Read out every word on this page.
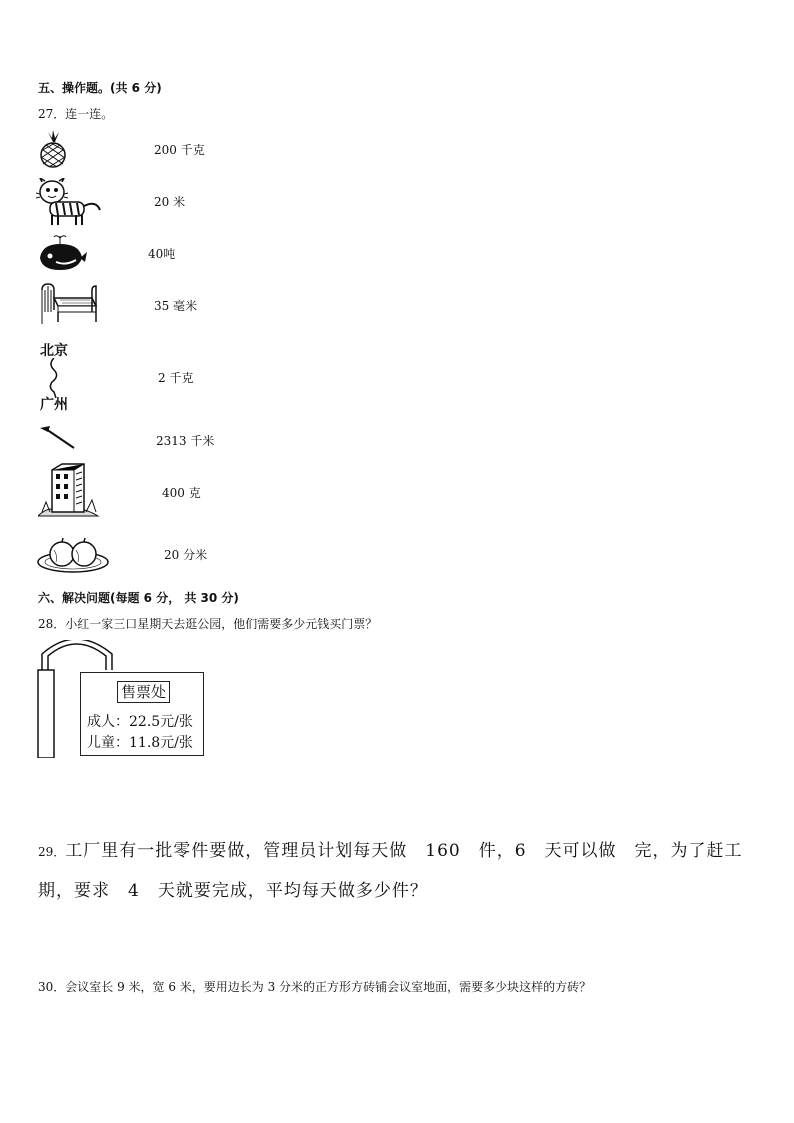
五、操作题。(共 6 分)
27．连一连。
200 千克
20 米
40吨
35 毫米
北京
广州
2 千克
2313 千米
400 克
20 分米
六、解决问题(每题 6 分， 共 30 分)
28．小红一家三口星期天去逛公园，他们需要多少元钱买门票？
售票处
成人：22.5元/张
儿童：11.8元/张
29．工厂里有一批零件要做，管理员计划每天做　160　件，6　天可以做　完，为了赶工
期，要求　4　天就要完成，平均每天做多少件？
30．会议室长 9 米，宽 6 米，要用边长为 3 分米的正方形方砖铺会议室地面，需要多少块这样的方砖？
